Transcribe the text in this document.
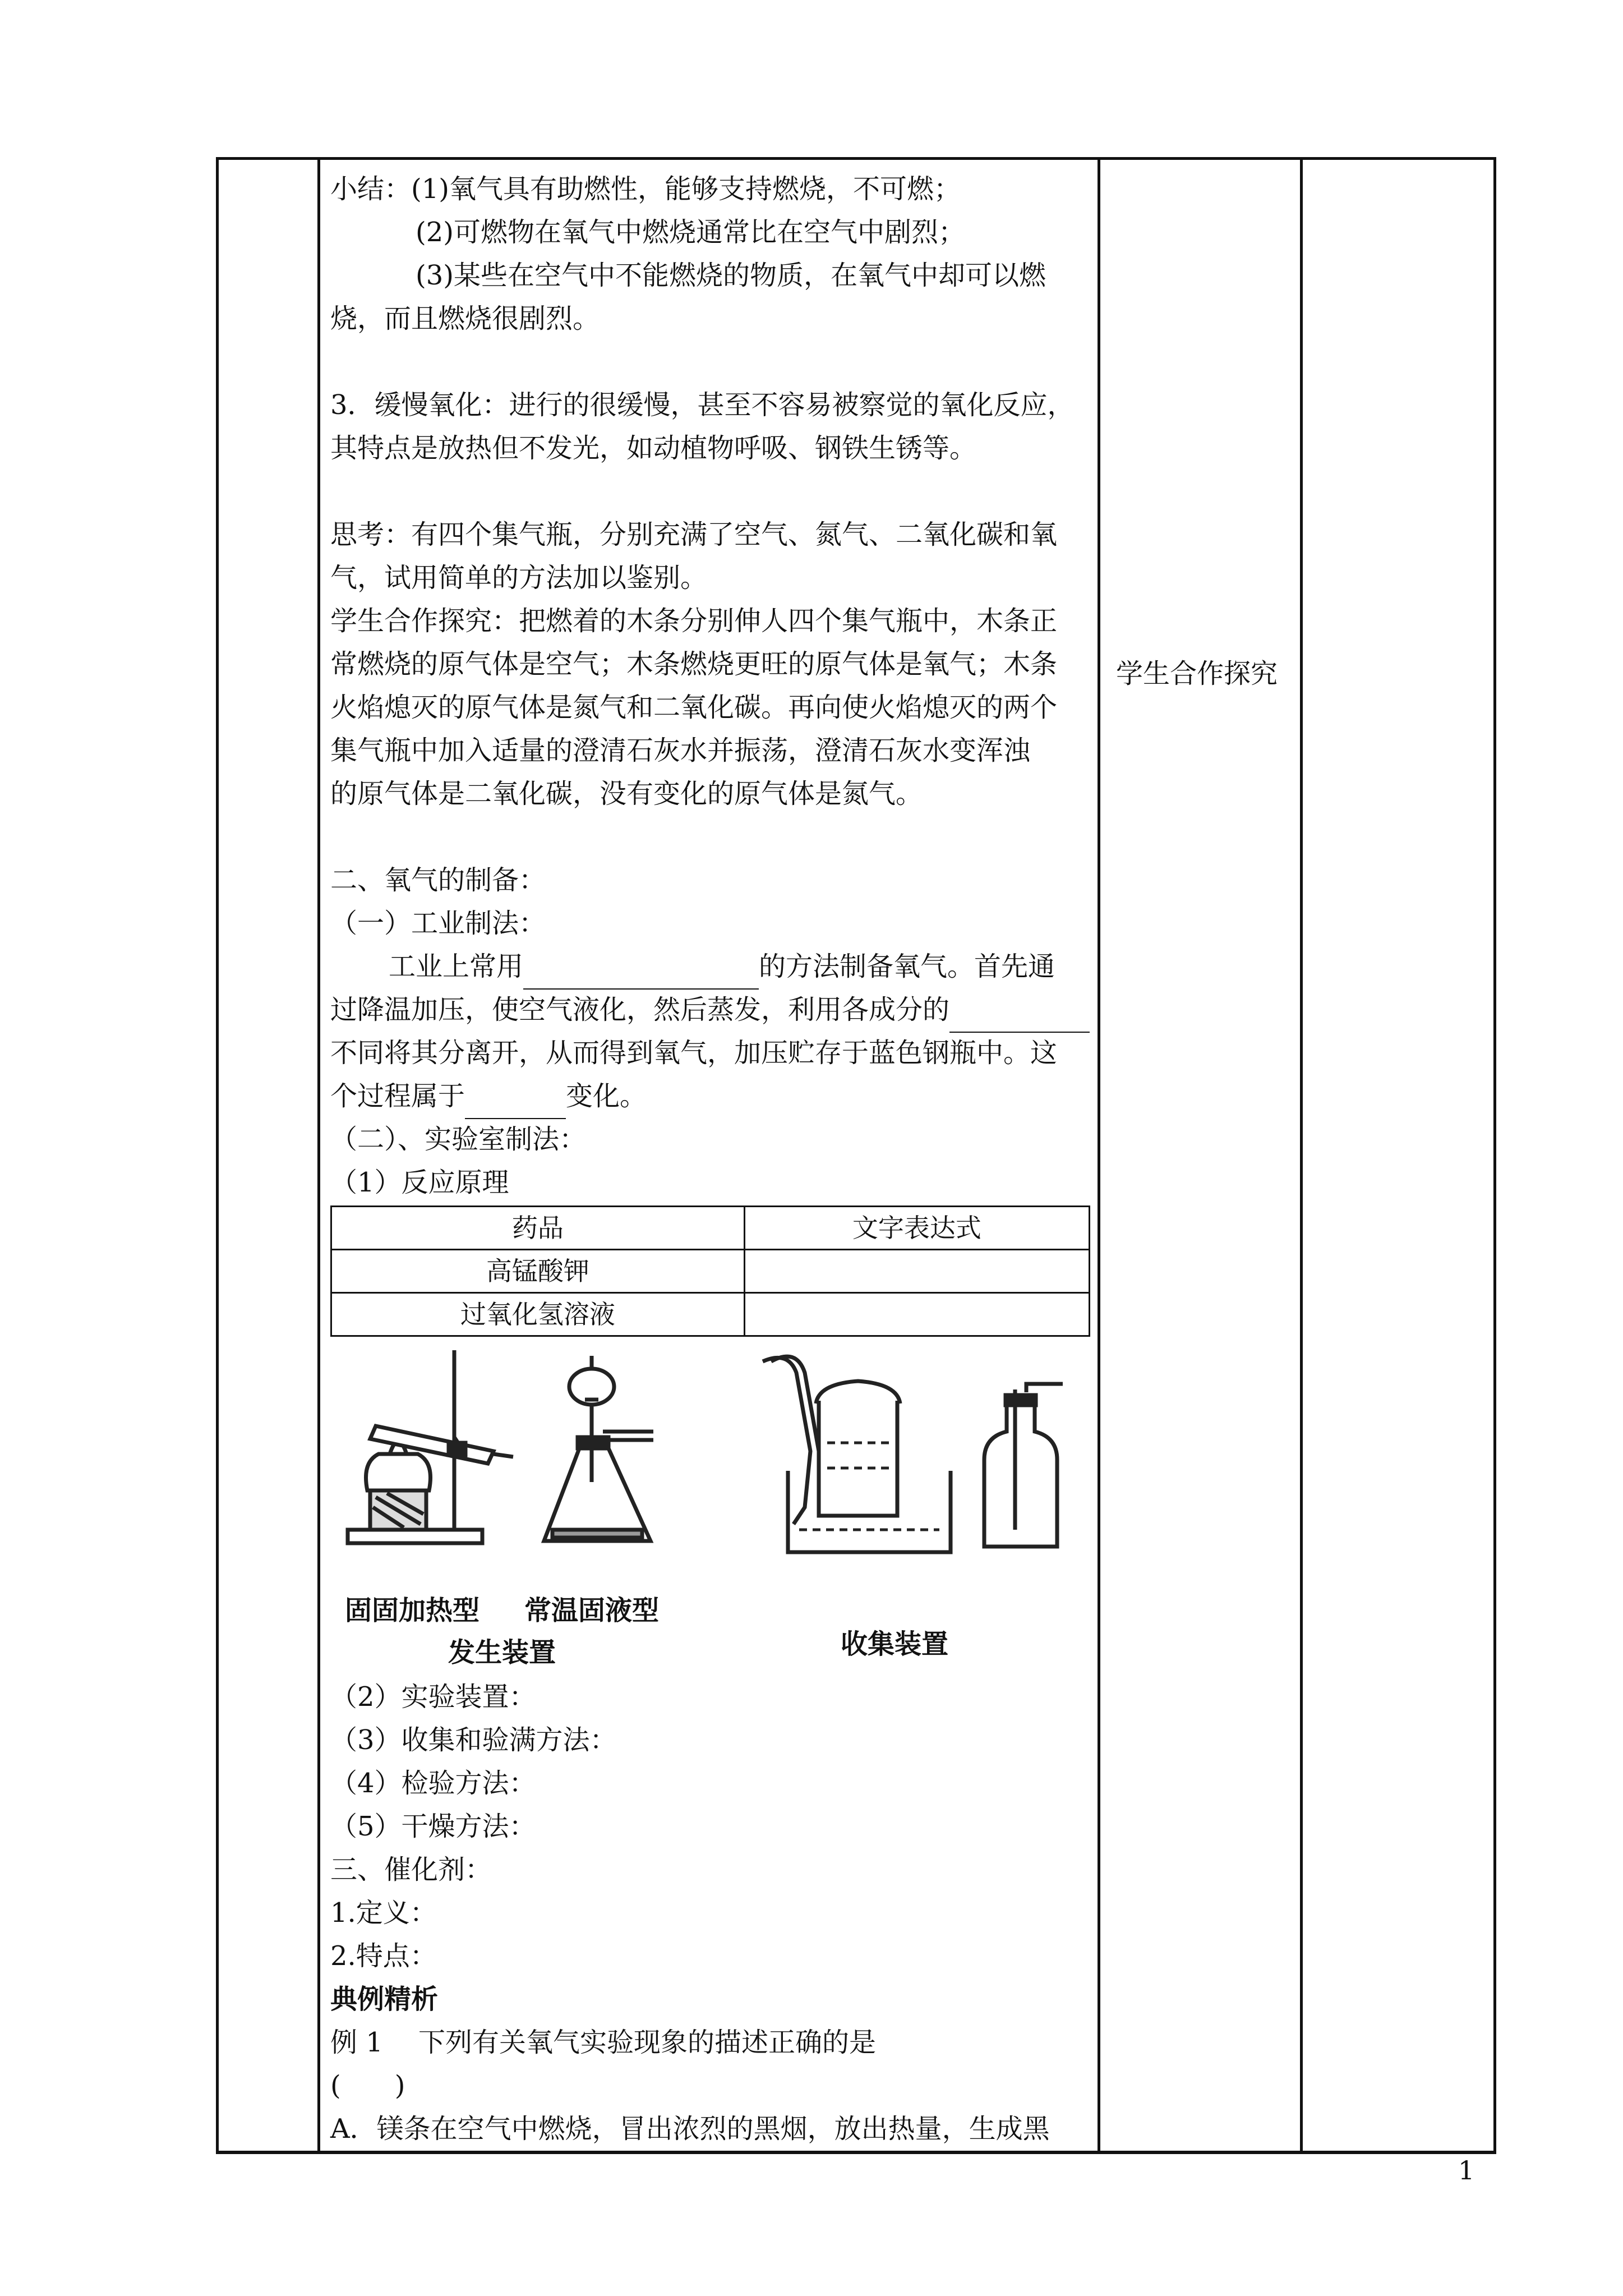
小结：(1)氧气具有助燃性，能够支持燃烧，不可燃；
(2)可燃物在氧气中燃烧通常比在空气中剧烈；
(3)某些在空气中不能燃烧的物质，在氧气中却可以燃
烧，而且燃烧很剧烈。
3．缓慢氧化：进行的很缓慢，甚至不容易被察觉的氧化反应，
其特点是放热但不发光，如动植物呼吸、钢铁生锈等。
思考：有四个集气瓶，分别充满了空气、氮气、二氧化碳和氧
气，试用简单的方法加以鉴别。
学生合作探究：把燃着的木条分别伸人四个集气瓶中，木条正
常燃烧的原气体是空气；木条燃烧更旺的原气体是氧气；木条
火焰熄灭的原气体是氮气和二氧化碳。再向使火焰熄灭的两个
集气瓶中加入适量的澄清石灰水并振荡，澄清石灰水变浑浊
的原气体是二氧化碳，没有变化的原气体是氮气。
二、氧气的制备：
（一）工业制法：
工业上常用	的方法制备氧气。首先通
过降温加压，使空气液化，然后蒸发，利用各成分的
不同将其分离开，从而得到氧气，加压贮存于蓝色钢瓶中。这
个过程属于	变化。
（二）、实验室制法：
（1）反应原理
药品	文字表达式
高锰酸钾	
过氧化氢溶液	
固固加热型 常温固液型
发生装置	收集装置
（2）实验装置：
（3）收集和验满方法：
（4）检验方法：
（5）干燥方法：
三、催化剂：
1.定义：
2.特点：
典例精析
例 1　 下列有关氧气实验现象的描述正确的是
(　　)
A．镁条在空气中燃烧，冒出浓烈的黑烟，放出热量，生成黑

学生合作探究
1
